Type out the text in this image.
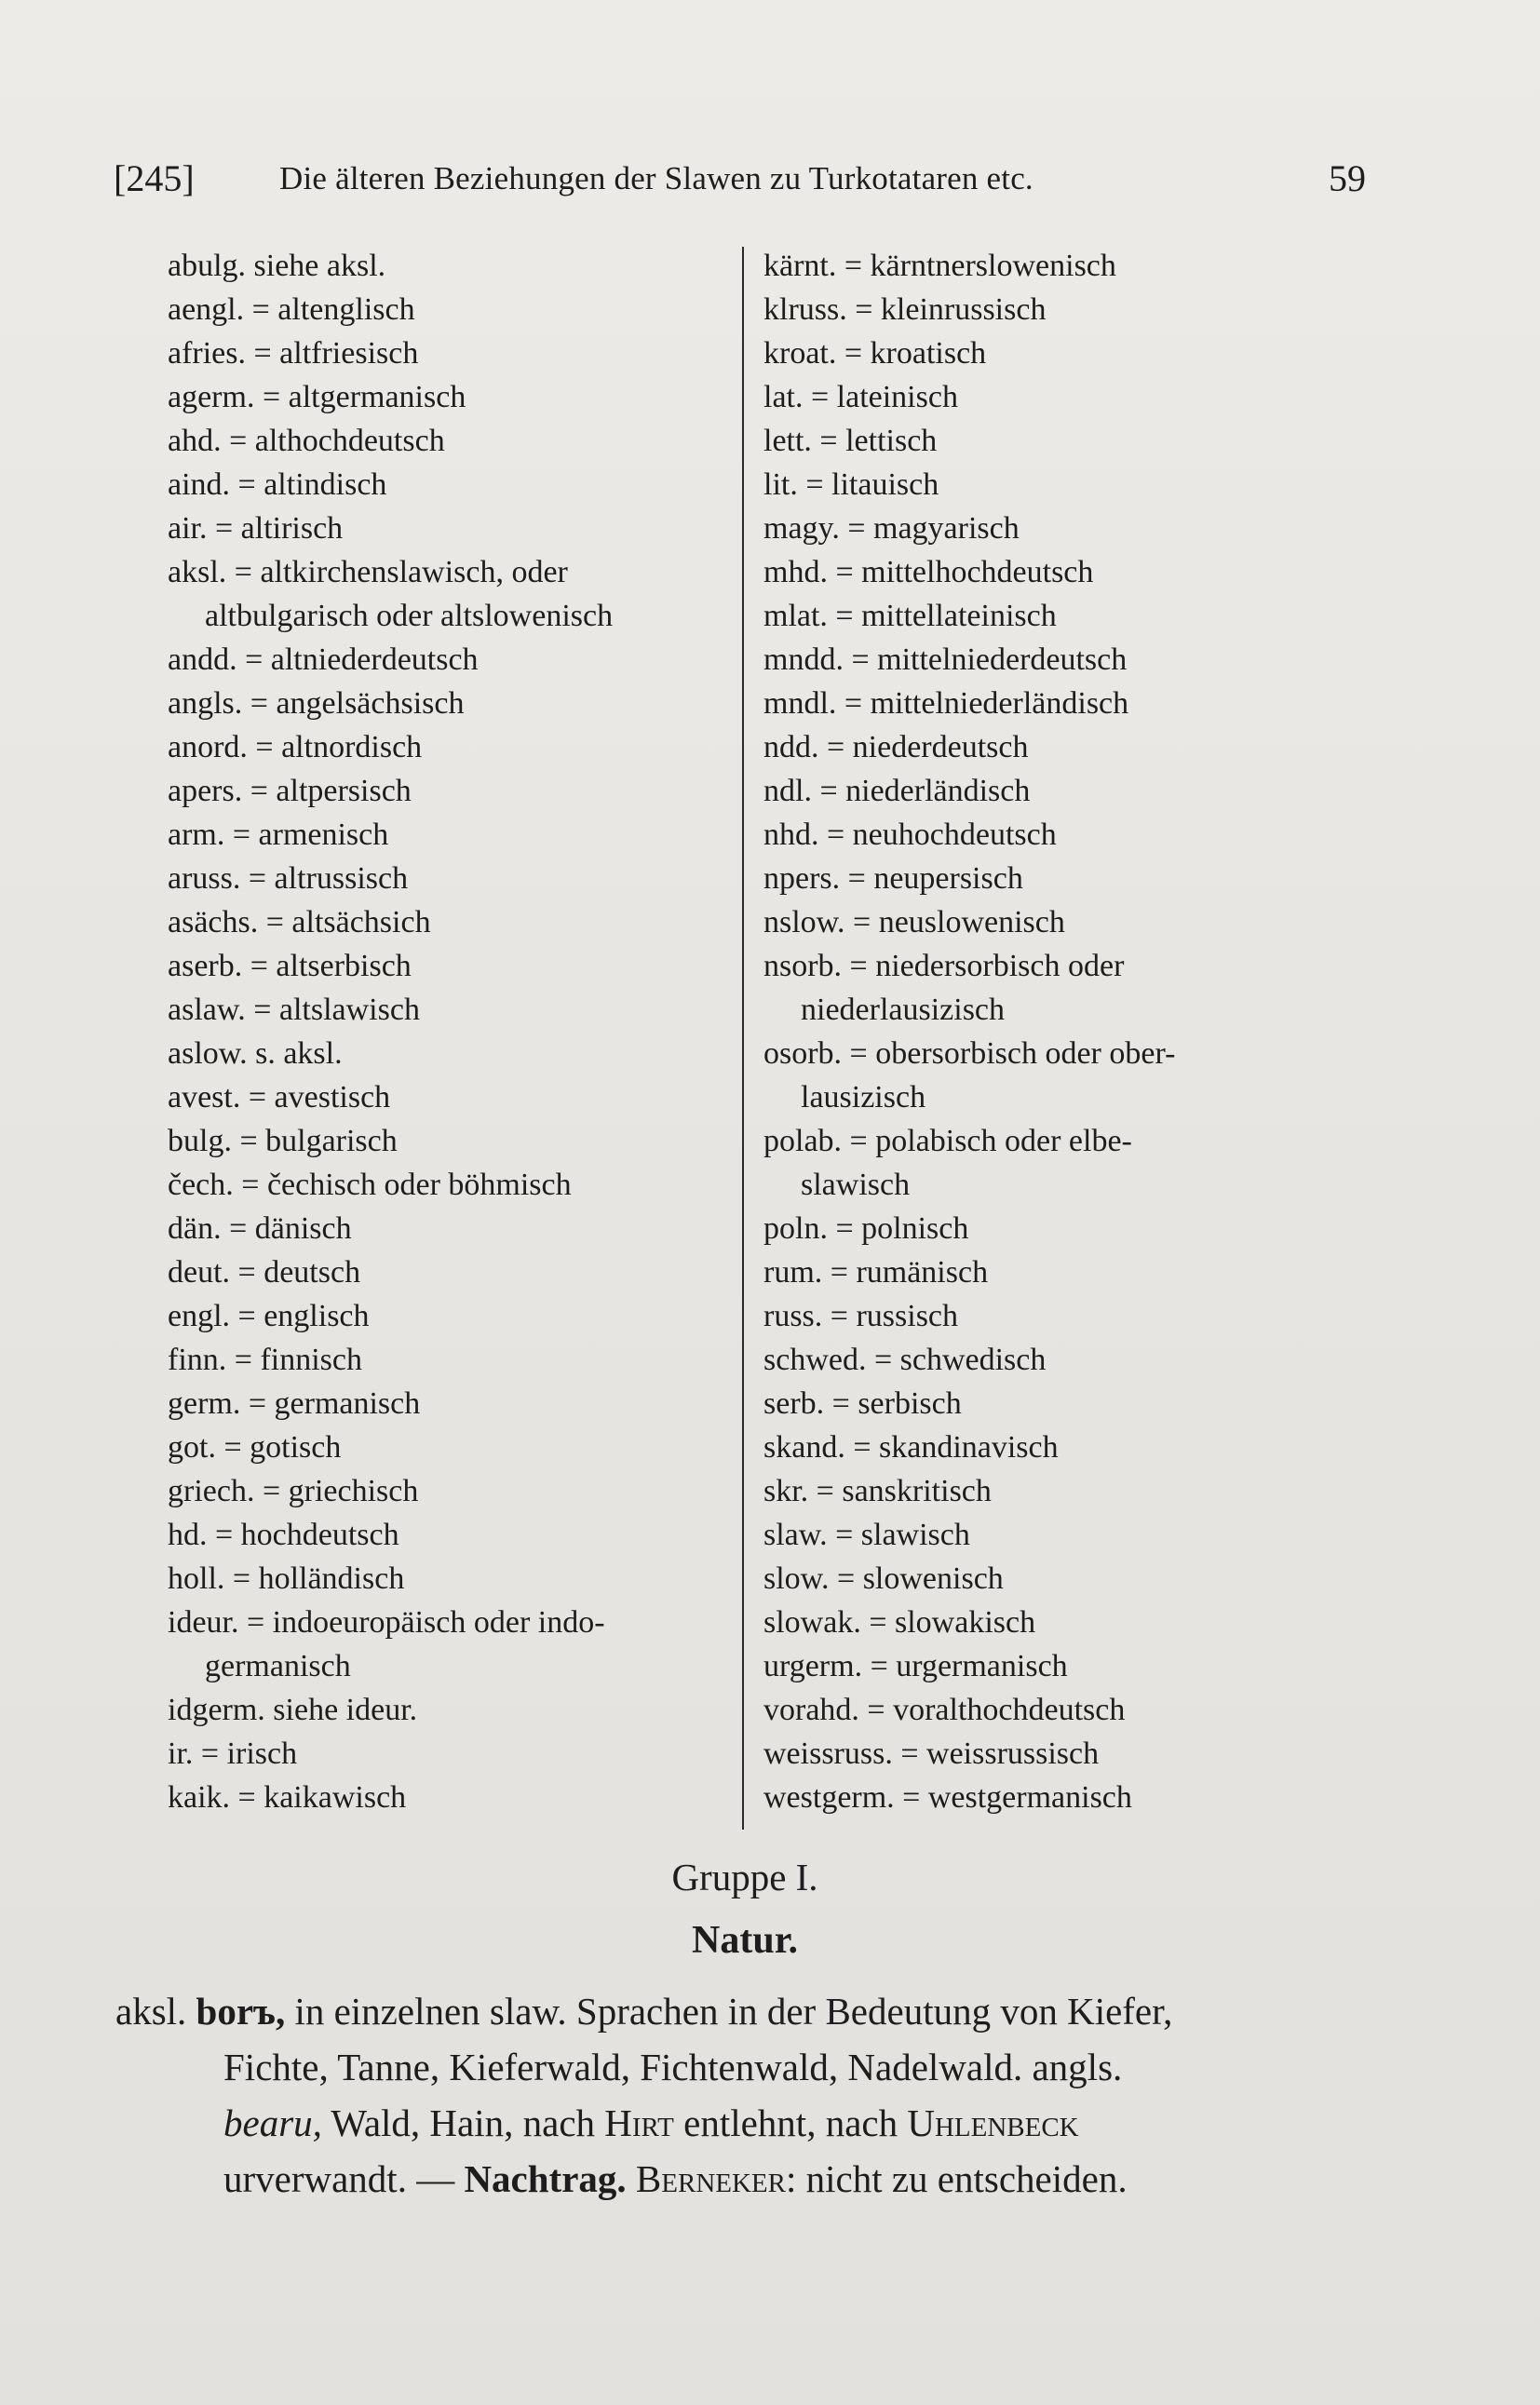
[245]	Die älteren Beziehungen der Slawen zu Turkotataren etc.	59
abulg. siehe aksl.
aengl. = altenglisch
afries. = altfriesisch
agerm. = altgermanisch
ahd. = althochdeutsch
aind. = altindisch
air. = altirisch
aksl. = altkirchenslawisch, oder
altbulgarisch oder altslowenisch
andd. = altniederdeutsch
angls. = angelsächsisch
anord. = altnordisch
apers. = altpersisch
arm. = armenisch
aruss. = altrussisch
asächs. = altsächsich
aserb. = altserbisch
aslaw. = altslawisch
aslow. s. aksl.
avest. = avestisch
bulg. = bulgarisch
čech. = čechisch oder böhmisch
dän. = dänisch
deut. = deutsch
engl. = englisch
finn. = finnisch
germ. = germanisch
got. = gotisch
griech. = griechisch
hd. = hochdeutsch
holl. = holländisch
ideur. = indoeuropäisch oder indo-
germanisch
idgerm. siehe ideur.
ir. = irisch
kaik. = kaikawisch
kärnt. = kärntnerslowenisch
klruss. = kleinrussisch
kroat. = kroatisch
lat. = lateinisch
lett. = lettisch
lit. = litauisch
magy. = magyarisch
mhd. = mittelhochdeutsch
mlat. = mittellateinisch
mndd. = mittelniederdeutsch
mndl. = mittelniederländisch
ndd. = niederdeutsch
ndl. = niederländisch
nhd. = neuhochdeutsch
npers. = neupersisch
nslow. = neuslowenisch
nsorb. = niedersorbisch oder
niederlausizisch
osorb. = obersorbisch oder ober-
lausizisch
polab. = polabisch oder elbe-
slawisch
poln. = polnisch
rum. = rumänisch
russ. = russisch
schwed. = schwedisch
serb. = serbisch
skand. = skandinavisch
skr. = sanskritisch
slaw. = slawisch
slow. = slowenisch
slowak. = slowakisch
urgerm. = urgermanisch
vorahd. = voralthochdeutsch
weissruss. = weissrussisch
westgerm. = westgermanisch
Gruppe I.
Natur.
aksl. borъ, in einzelnen slaw. Sprachen in der Bedeutung von Kiefer,
Fichte, Tanne, Kieferwald, Fichtenwald, Nadelwald. angls.
bearu, Wald, Hain, nach Hirt entlehnt, nach Uhlenbeck
urverwandt. — Nachtrag. Berneker: nicht zu entscheiden.
